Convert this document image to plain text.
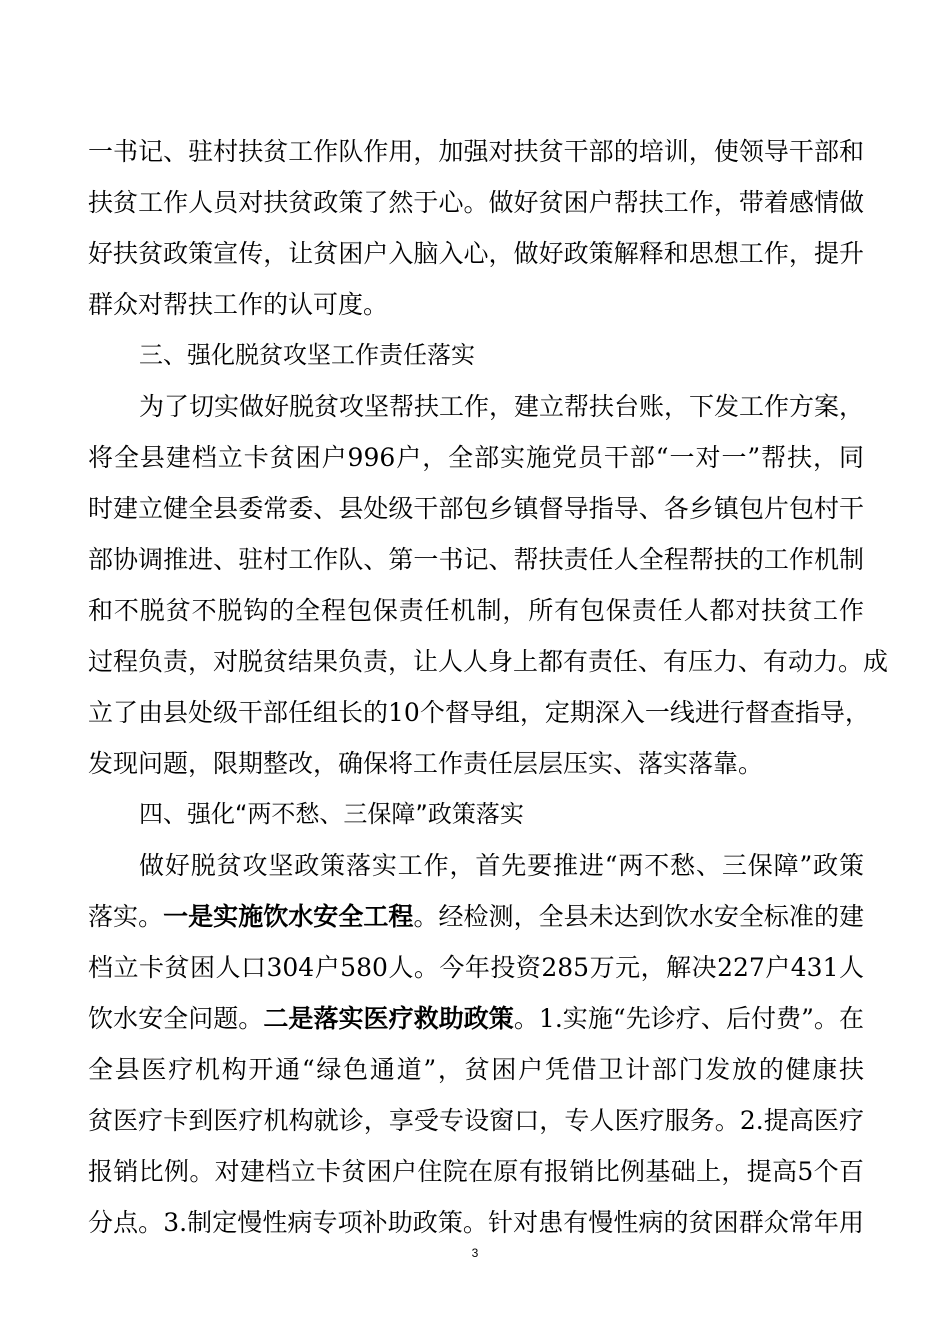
一书记、驻村扶贫工作队作用，加强对扶贫干部的培训，使领导干部和
扶贫工作人员对扶贫政策了然于心。做好贫困户帮扶工作，带着感情做
好扶贫政策宣传，让贫困户入脑入心，做好政策解释和思想工作，提升
群众对帮扶工作的认可度。
三、强化脱贫攻坚工作责任落实
为了切实做好脱贫攻坚帮扶工作，建立帮扶台账，下发工作方案，
将全县建档立卡贫困户996户，全部实施党员干部“一对一”帮扶，同
时建立健全县委常委、县处级干部包乡镇督导指导、各乡镇包片包村干
部协调推进、驻村工作队、第一书记、帮扶责任人全程帮扶的工作机制
和不脱贫不脱钩的全程包保责任机制，所有包保责任人都对扶贫工作
过程负责，对脱贫结果负责，让人人身上都有责任、有压力、有动力。成
立了由县处级干部任组长的10个督导组，定期深入一线进行督查指导，
发现问题，限期整改，确保将工作责任层层压实、落实落靠。
四、强化“两不愁、三保障”政策落实
做好脱贫攻坚政策落实工作，首先要推进“两不愁、三保障”政策
落实。一是实施饮水安全工程。经检测，全县未达到饮水安全标准的建
档立卡贫困人口304户580人。今年投资285万元，解决227户431人
饮水安全问题。二是落实医疗救助政策。1.实施“先诊疗、后付费”。在
全县医疗机构开通“绿色通道”，贫困户凭借卫计部门发放的健康扶
贫医疗卡到医疗机构就诊，享受专设窗口，专人医疗服务。2.提高医疗
报销比例。对建档立卡贫困户住院在原有报销比例基础上，提高5个百
分点。3.制定慢性病专项补助政策。针对患有慢性病的贫困群众常年用
3
